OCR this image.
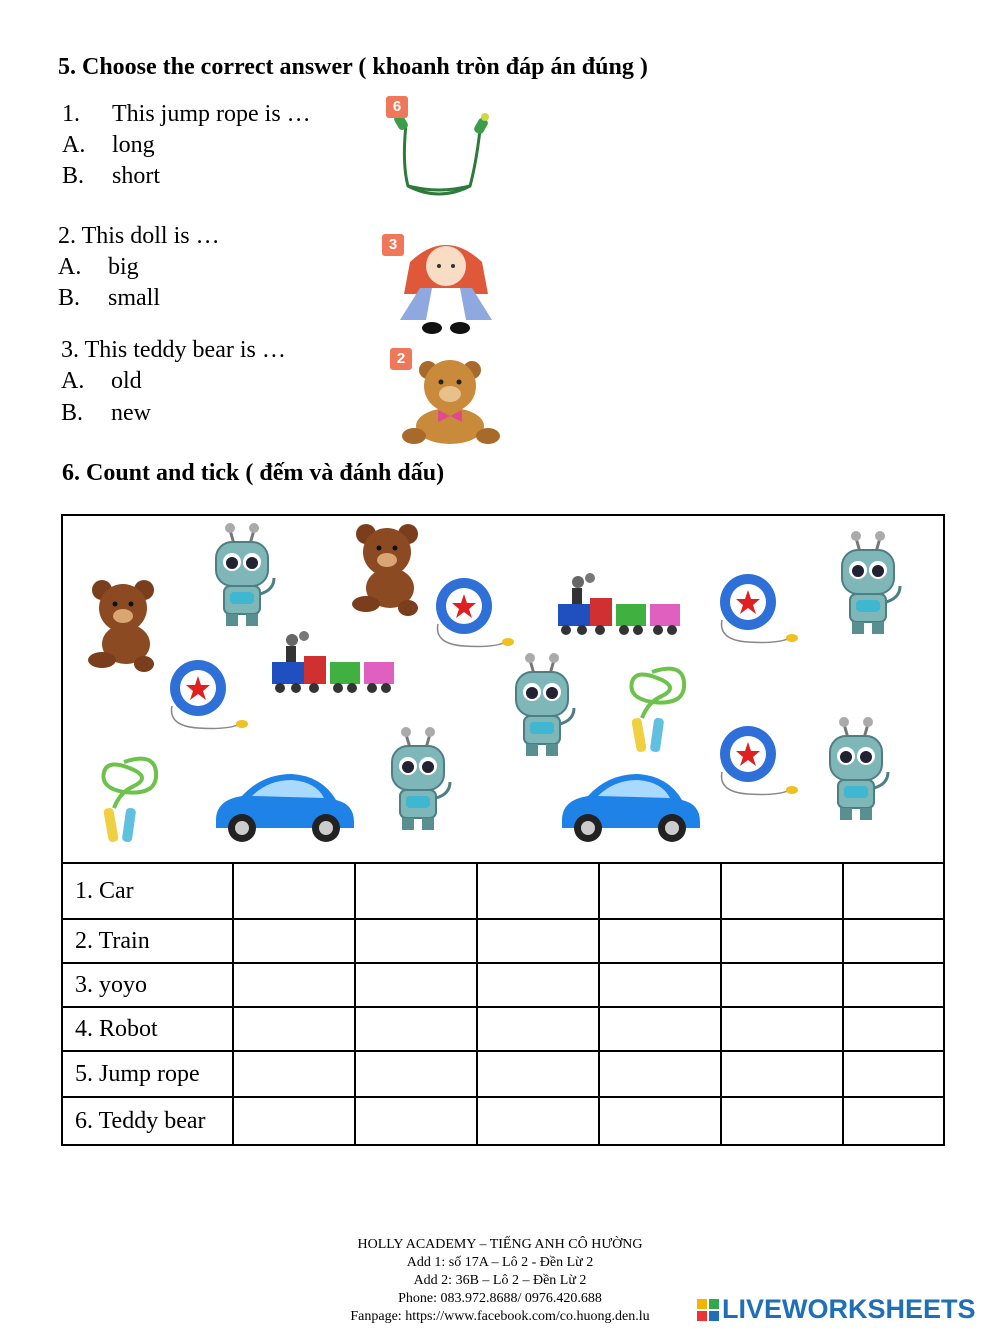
5. Choose the correct answer ( khoanh tròn đáp án đúng )
1. This jump rope is …
A. long
B. short
6
2. This doll is …
A. big
B. small
3
3. This teddy bear is …
A. old
B. new
2
6. Count and tick ( đếm và đánh dấu)
1. Car						
2. Train						
3. yoyo						
4. Robot						
5. Jump rope						
6. Teddy bear						
HOLLY ACADEMY – TIẾNG ANH CÔ HƯỜNG
Add 1: số 17A – Lô 2 - Đền Lừ 2
Add 2: 36B – Lô 2 – Đền Lừ 2
Phone: 083.972.8688/ 0976.420.688
Fanpage: https://www.facebook.com/co.huong.den.lu	LIVEWORKSHEETS
